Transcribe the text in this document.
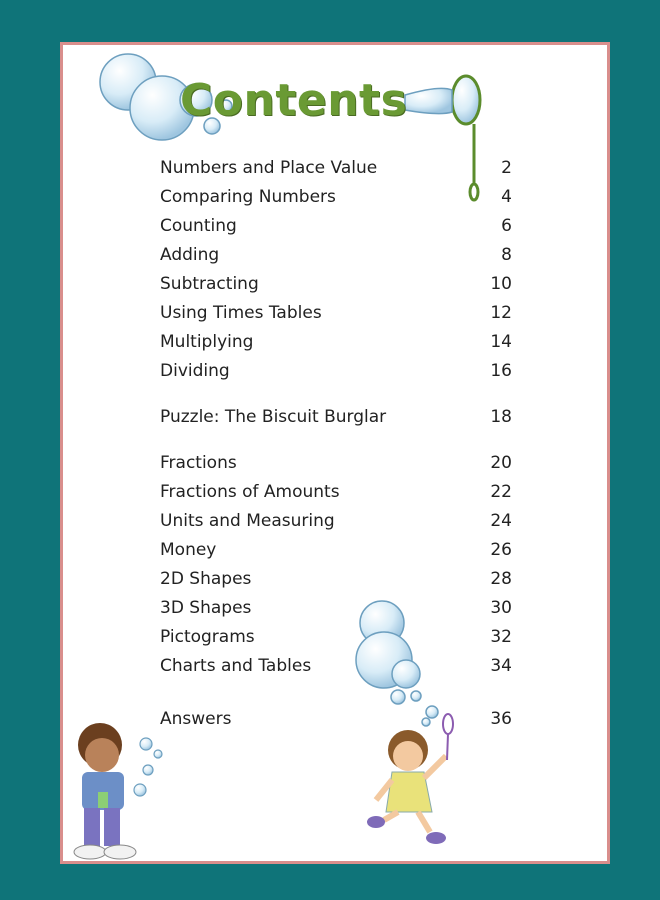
Contents
Numbers and Place Value	2
Comparing Numbers	4
Counting	6
Adding	8
Subtracting	10
Using Times Tables	12
Multiplying	14
Dividing	16
Puzzle: The Biscuit Burglar	18
Fractions	20
Fractions of Amounts	22
Units and Measuring	24
Money	26
2D Shapes	28
3D Shapes	30
Pictograms	32
Charts and Tables	34
Answers	36
